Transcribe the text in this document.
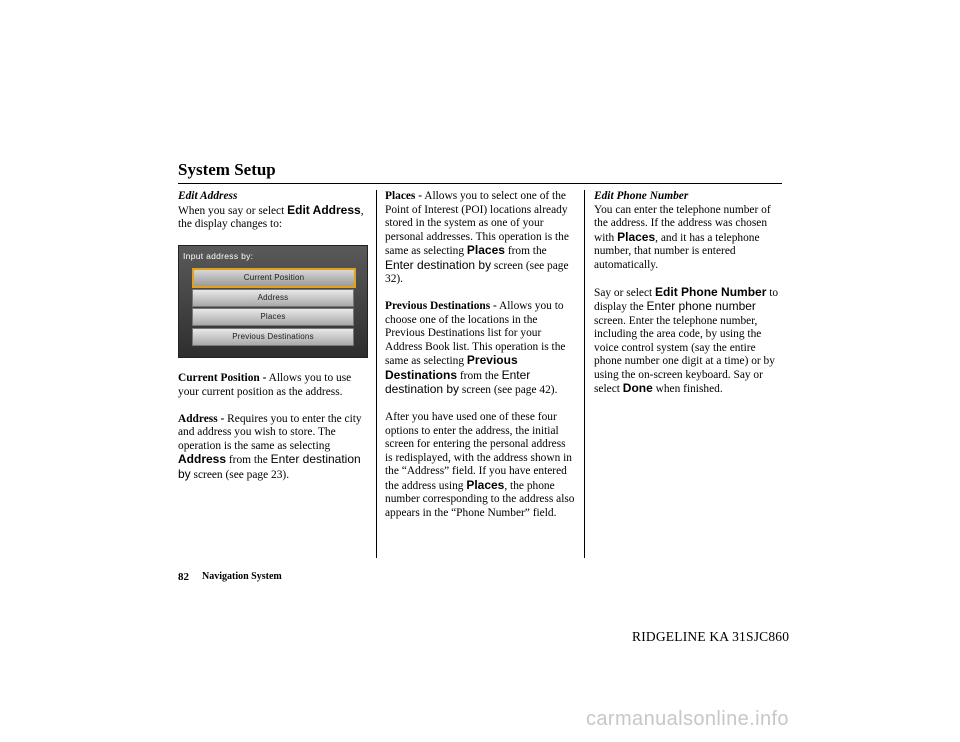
System Setup

Edit Address

When you say or select Edit Address, the display changes to:

Input address by:
Current Position
Address
Places
Previous Destinations

Current Position - Allows you to use your current position as the address.

Address - Requires you to enter the city and address you wish to store. The operation is the same as selecting Address from the Enter destination by screen (see page 23).

Places - Allows you to select one of the Point of Interest (POI) locations already stored in the system as one of your personal addresses. This operation is the same as selecting Places from the Enter destination by screen (see page 32).

Previous Destinations - Allows you to choose one of the locations in the Previous Destinations list for your Address Book list. This operation is the same as selecting Previous Destinations from the Enter destination by screen (see page 42).

After you have used one of these four options to enter the address, the initial screen for entering the personal address is redisplayed, with the address shown in the “Address” field. If you have entered the address using Places, the phone number corresponding to the address also appears in the “Phone Number” field.

Edit Phone Number

You can enter the telephone number of the address. If the address was chosen with Places, and it has a telephone number, that number is entered automatically.

Say or select Edit Phone Number to display the Enter phone number screen. Enter the telephone number, including the area code, by using the voice control system (say the entire phone number one digit at a time) or by using the on-screen keyboard. Say or select Done when finished.

82 Navigation System
RIDGELINE KA 31SJC860
carmanualsonline.info
